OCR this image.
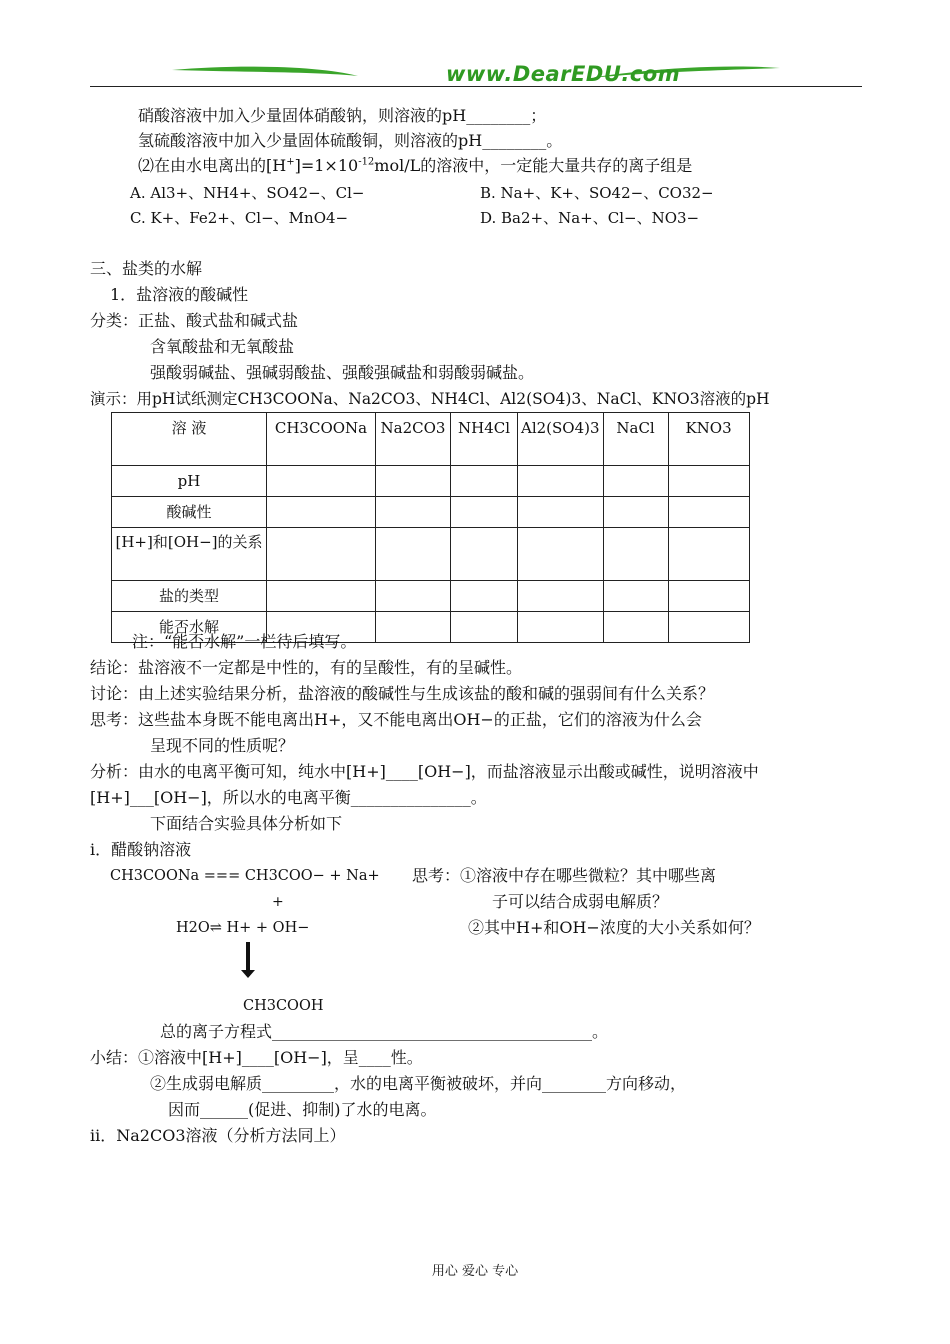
www.DearEDU.com
硝酸溶液中加入少量固体硝酸钠，则溶液的pH________；
氢硫酸溶液中加入少量固体硫酸铜，则溶液的pH________。
⑵在由水电离出的$[H^+]=1\times 10^{-12}mol/L$的溶液中，一定能大量共存的离子组是
A. Al3+、NH4+、SO42−、Cl−	B. Na+、K+、SO42−、CO32−
C. K+、Fe2+、Cl−、MnO4−	D. Ba2+、Na+、Cl−、NO3−
三、盐类的水解
1．盐溶液的酸碱性
分类：正盐、酸式盐和碱式盐
含氧酸盐和无氧酸盐
强酸弱碱盐、强碱弱酸盐、强酸强碱盐和弱酸弱碱盐。
演示：用pH试纸测定CH3COONa、Na2CO3、NH4Cl、Al2(SO4)3、NaCl、KNO3溶液的pH
溶 液	CH3COONa	Na2CO3	NH4Cl	Al2(SO4)3	NaCl	KNO3
pH						
酸碱性						
[H+]和[OH−]的关系						
盐的类型						
能否水解						
注：“能否水解”一栏待后填写。
结论：盐溶液不一定都是中性的，有的呈酸性，有的呈碱性。
讨论：由上述实验结果分析，盐溶液的酸碱性与生成该盐的酸和碱的强弱间有什么关系？
思考：这些盐本身既不能电离出H+，又不能电离出OH−的正盐，它们的溶液为什么会
呈现不同的性质呢？
分析：由水的电离平衡可知，纯水中[H+]____[OH−]，而盐溶液显示出酸或碱性，说明溶液中
[H+]___[OH−]，所以水的电离平衡_______________。
下面结合实验具体分析如下
i．醋酸钠溶液
CH3COONa === CH3COO− + Na+
+
H2O⇌ H+ + OH−
CH3COOH
思考：①溶液中存在哪些微粒？其中哪些离
子可以结合成弱电解质？
②其中H+和OH−浓度的大小关系如何？
总的离子方程式________________________________________。
小结：①溶液中[H+]____[OH−]，呈____性。
②生成弱电解质_________，水的电离平衡被破坏，并向________方向移动，
因而______(促进、抑制)了水的电离。
ii．Na2CO3溶液（分析方法同上）
用心 爱心 专心
